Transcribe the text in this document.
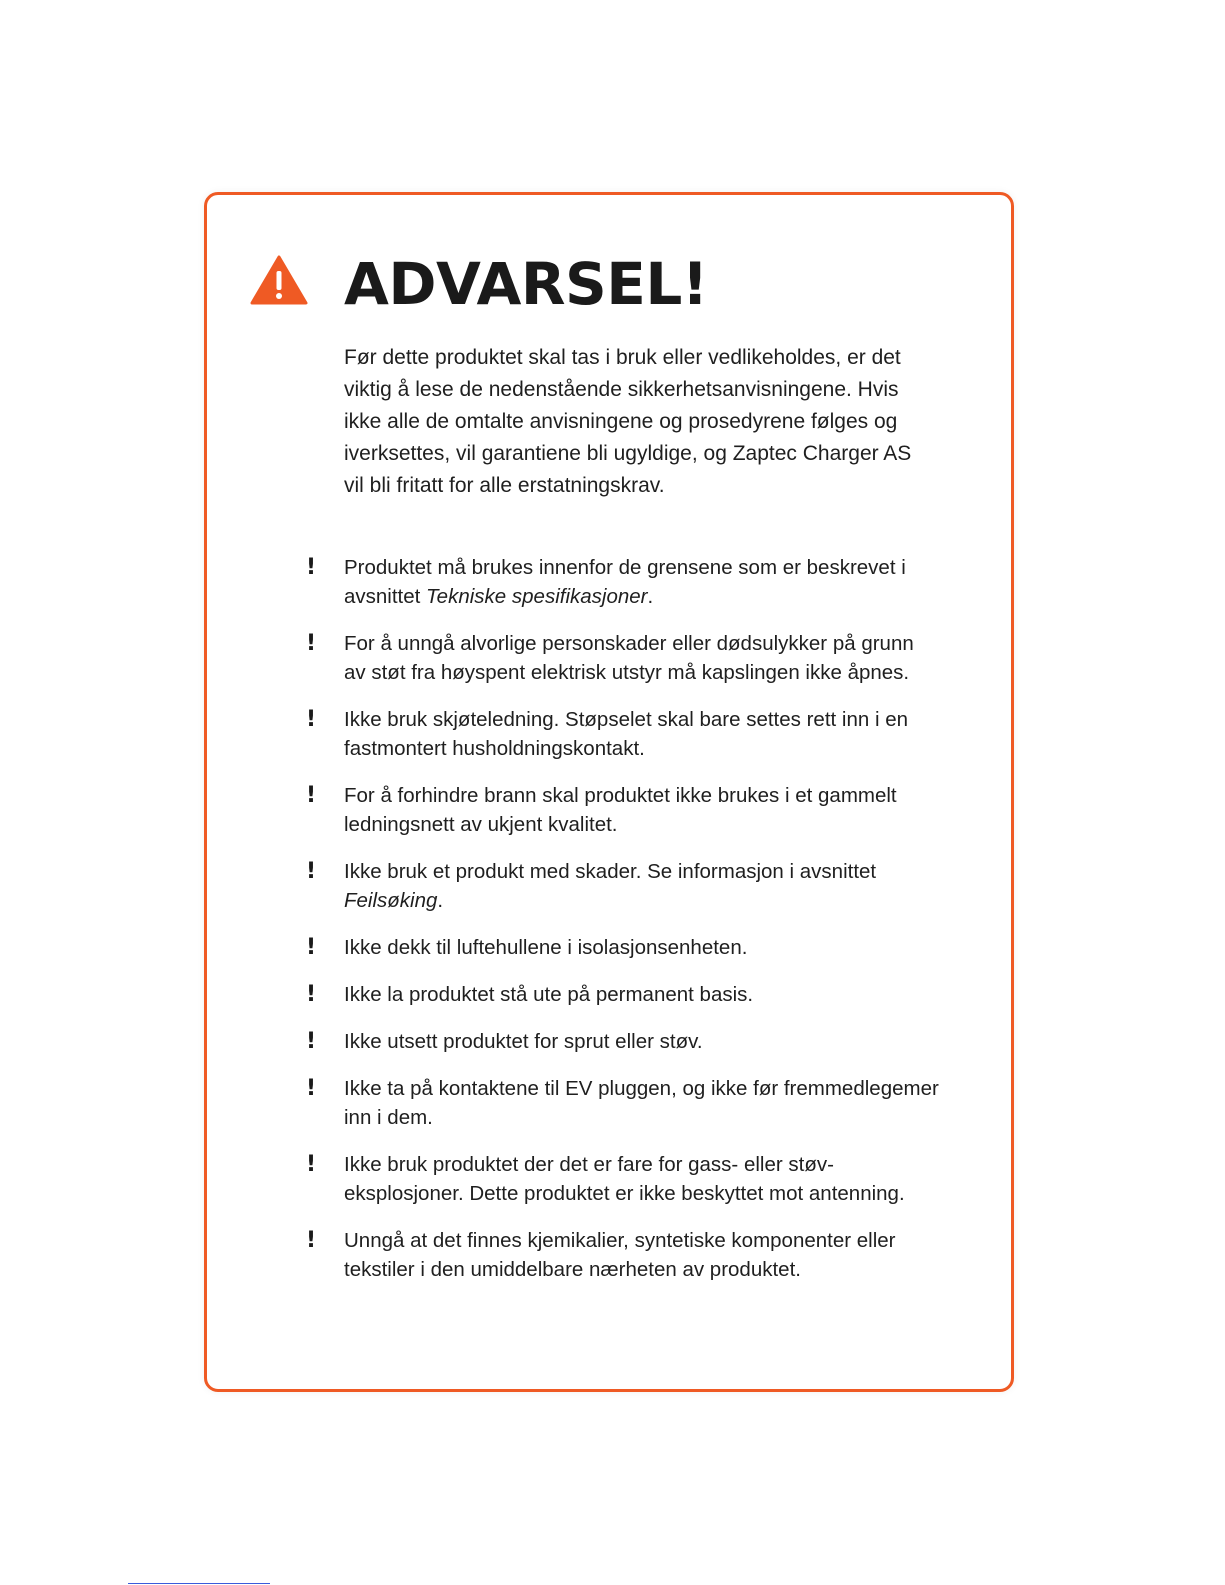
ADVARSEL!

Før dette produktet skal tas i bruk eller vedlikeholdes, er det viktig å lese de nedenstående sikkerhetsanvisningene. Hvis ikke alle de omtalte anvisningene og prosedyrene følges og iverksettes, vil garantiene bli ugyldige, og Zaptec Charger AS vil bli fritatt for alle erstatningskrav.

! Produktet må brukes innenfor de grensene som er beskrevet i avsnittet Tekniske spesifikasjoner.
! For å unngå alvorlige personskader eller dødsulykker på grunn av støt fra høyspent elektrisk utstyr må kapslingen ikke åpnes.
! Ikke bruk skjøteledning. Støpselet skal bare settes rett inn i en fastmontert husholdningskontakt.
! For å forhindre brann skal produktet ikke brukes i et gammelt ledningsnett av ukjent kvalitet.
! Ikke bruk et produkt med skader. Se informasjon i avsnittet Feilsøking.
! Ikke dekk til luftehullene i isolasjonsenheten.
! Ikke la produktet stå ute på permanent basis.
! Ikke utsett produktet for sprut eller støv.
! Ikke ta på kontaktene til EV pluggen, og ikke før fremmedlegemer inn i dem.
! Ikke bruk produktet der det er fare for gass- eller støv-eksplosjoner. Dette produktet er ikke beskyttet mot antenning.
! Unngå at det finnes kjemikalier, syntetiske komponenter eller tekstiler i den umiddelbare nærheten av produktet.
